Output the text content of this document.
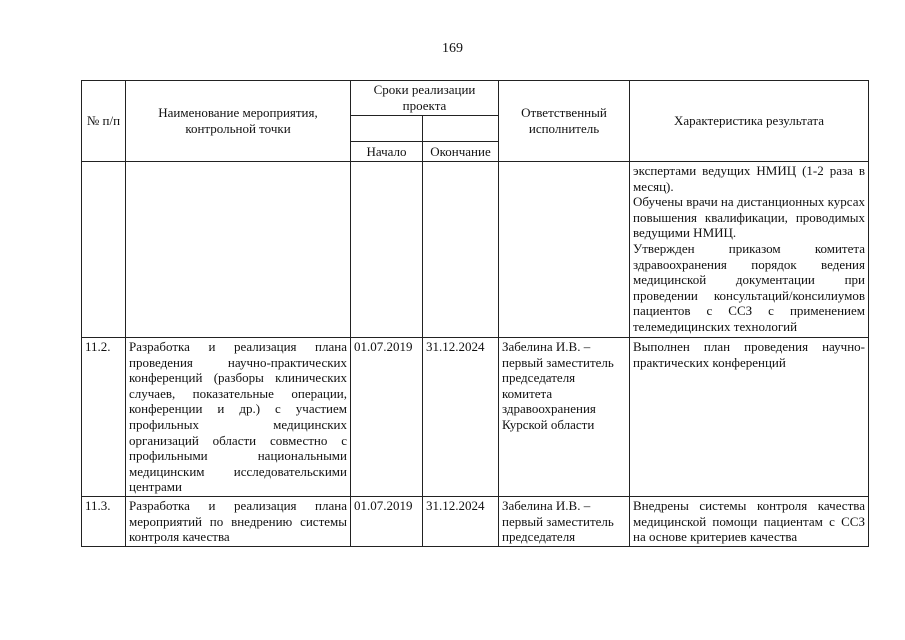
169
№ п/п	Наименование мероприятия, контрольной точки	Сроки реализации проекта		Ответственный исполнитель	Характеристика результата

		Начало	Окончание		

					экспертами ведущих НМИЦ (1-2 раза в месяц).
Обучены врачи на дистанционных курсах повышения квалификации, проводимых ведущими НМИЦ.
Утвержден приказом комитета здравоохранения порядок ведения медицинской документации при проведении консультаций/консилиумов пациентов с ССЗ с применением телемедицинских технологий

11.2.	Разработка и реализация плана проведения научно-практических конференций (разборы клинических случаев, показательные операции, конференции и др.) с участием профильных медицинских организаций области совместно с профильными национальными медицинским исследовательскими центрами	01.07.2019	31.12.2024	Забелина И.В. – первый заместитель председателя комитета здравоохранения Курской области	Выполнен план проведения научно-практических конференций

11.3.	Разработка и реализация плана мероприятий по внедрению системы контроля качества	01.07.2019	31.12.2024	Забелина И.В. – первый заместитель председателя	Внедрены системы контроля качества медицинской помощи пациентам с ССЗ на основе критериев качества
